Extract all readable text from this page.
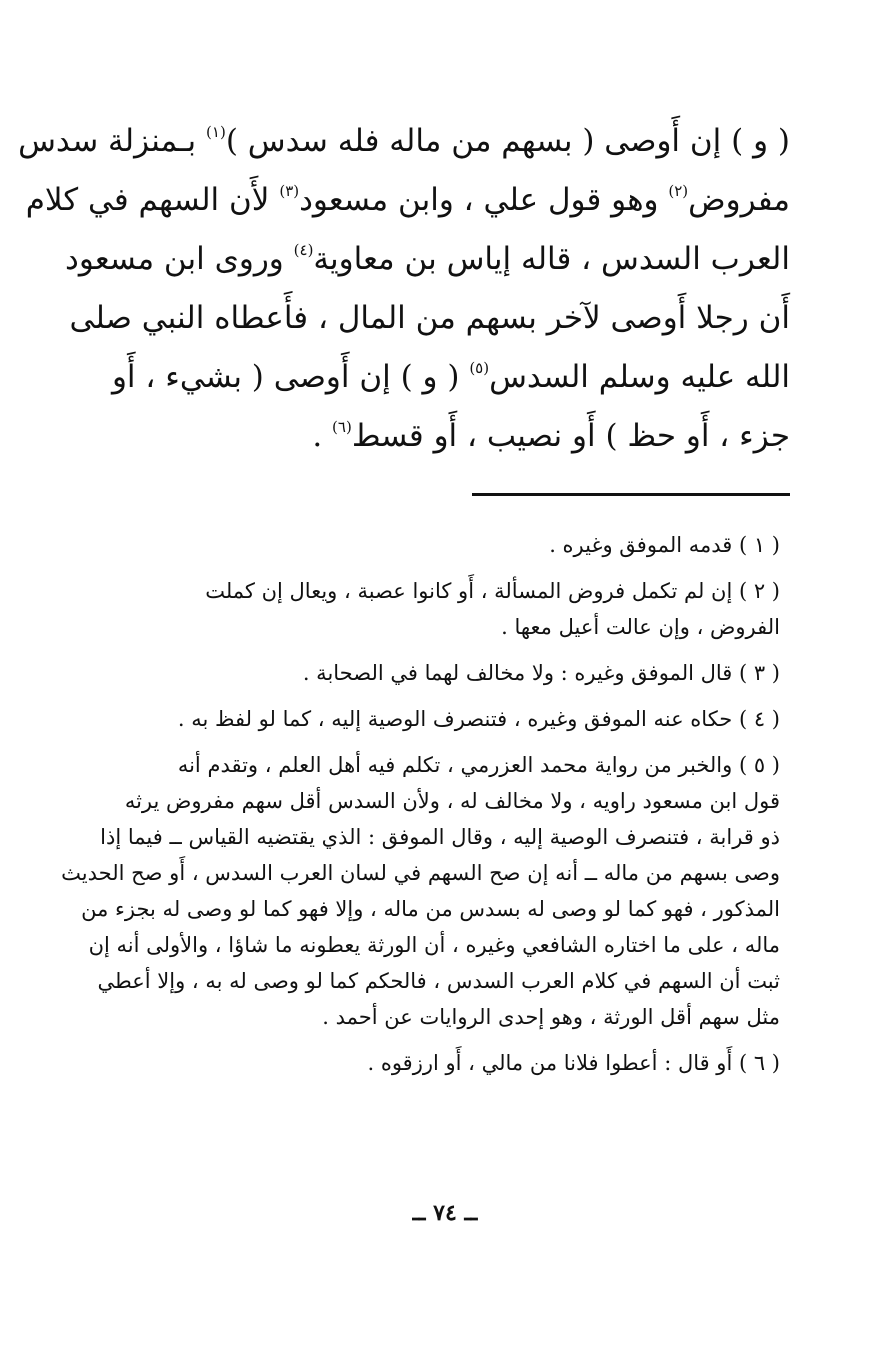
( و ) إن أَوصى ( بسهم من ماله فله سدس )$^{(١)}$ بـمنزلة سدس
مفروض$^{(٢)}$ وهو قول علي ، وابن مسعود$^{(٣)}$ لأَن السهم في كلام
العرب السدس ، قاله إياس بن معاوية$^{(٤)}$ وروى ابن مسعود
أَن رجلا أَوصى لآخر بسهم من المال ، فأَعطاه النبي صلى
الله عليه وسلم السدس$^{(٥)}$ ( و ) إن أَوصى ( بشيء ، أَو
جزء ، أَو حظ ) أَو نصيب ، أَو قسط$^{(٦)}$ .
( ١ ) قدمه الموفق وغيره .
( ٢ ) إن لم تكمل فروض المسألة ، أَو كانوا عصبة ، ويعال إن كملت
الفروض ، وإن عالت أعيل معها .
( ٣ ) قال الموفق وغيره : ولا مخالف لهما في الصحابة .
( ٤ ) حكاه عنه الموفق وغيره ، فتنصرف الوصية إليه ، كما لو لفظ به .
( ٥ ) والخبر من رواية محمد العزرمي ، تكلم فيه أهل العلم ، وتقدم أنه
قول ابن مسعود راويه ، ولا مخالف له ، ولأن السدس أقل سهم مفروض يرثه
ذو قرابة ، فتنصرف الوصية إليه ، وقال الموفق : الذي يقتضيه القياس ــ فيما إذا
وصى بسهم من ماله ــ أنه إن صح السهم في لسان العرب السدس ، أَو صح الحديث
المذكور ، فهو كما لو وصى له بسدس من ماله ، وإلا فهو كما لو وصى له بجزء من
ماله ، على ما اختاره الشافعي وغيره ، أن الورثة يعطونه ما شاؤا ، والأولى أنه إن
ثبت أن السهم في كلام العرب السدس ، فالحكم كما لو وصى له به ، وإلا أعطي
مثل سهم أقل الورثة ، وهو إحدى الروايات عن أحمد .
( ٦ ) أَو قال : أعطوا فلانا من مالي ، أَو ارزقوه .
ــ ٧٤ ــ
